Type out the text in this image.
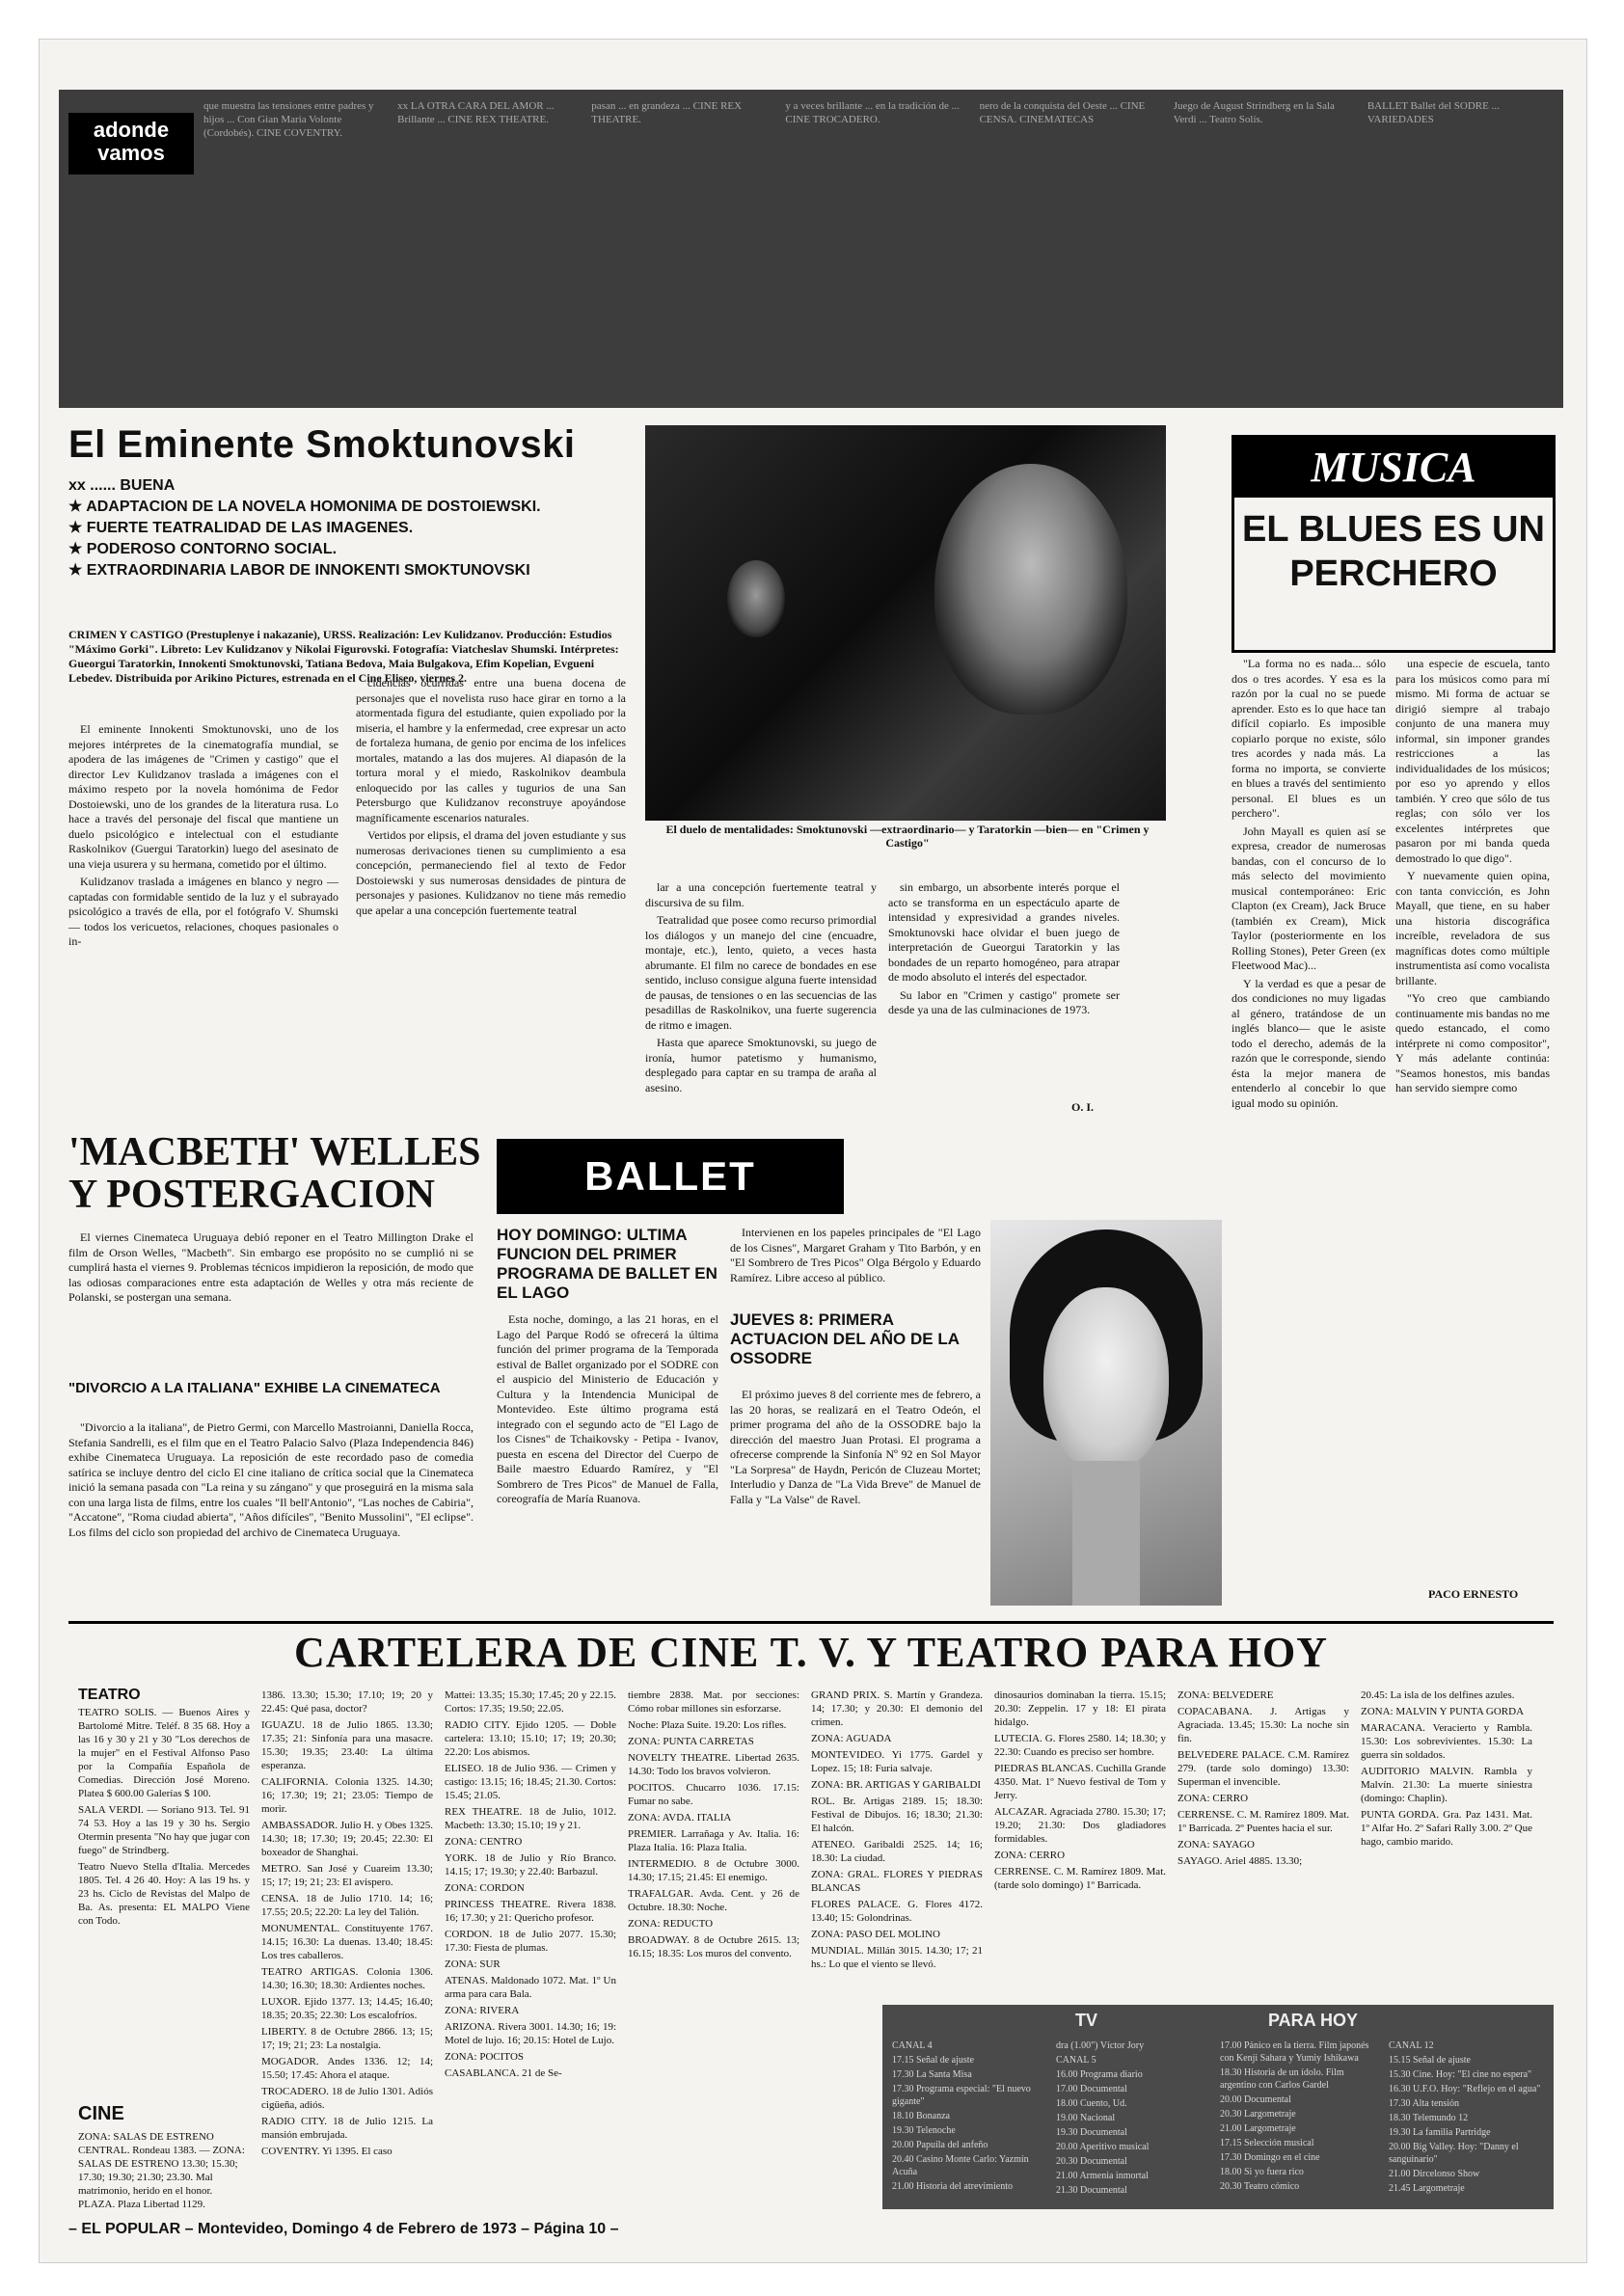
adonde vamos

que muestra las tensiones entre padres y hijos ... Con Gian Maria Volonte (Cordobés). CINE COVENTRY.

xx LA OTRA CARA DEL AMOR ... Brillante ... CINE REX THEATRE.

pasan ... en grandeza ... CINE REX THEATRE.

y a veces brillante ... en la tradición de ... CINE TROCADERO.

nero de la conquista del Oeste ... CINE CENSA. CINEMATECAS

Juego de August Strindberg en la Sala Verdi ... Teatro Solís.

BALLET Ballet del SODRE ... VARIEDADES

El Eminente Smoktunovski
xx ...... BUENA
★ ADAPTACION DE LA NOVELA HOMONIMA DE DOSTOIEWSKI.
★ FUERTE TEATRALIDAD DE LAS IMAGENES.
★ PODEROSO CONTORNO SOCIAL.
★ EXTRAORDINARIA LABOR DE INNOKENTI SMOKTUNOVSKI
CRIMEN Y CASTIGO (Prestuplenye i nakazanie), URSS. Realización: Lev Kulidzanov. Producción: Estudios "Máximo Gorki". Libreto: Lev Kulidzanov y Nikolai Figurovski. Fotografía: Viatcheslav Shumski. Intérpretes: Gueorgui Taratorkin, Innokenti Smoktunovski, Tatiana Bedova, Maia Bulgakova, Efim Kopelian, Evgueni Lebedev. Distribuida por Arikino Pictures, estrenada en el Cine Eliseo, viernes 2.

El eminente Innokenti Smoktunovski, uno de los mejores intérpretes de la cinematografía mundial, se apodera de las imágenes de "Crimen y castigo" que el director Lev Kulidzanov traslada a imágenes con el máximo respeto por la novela homónima de Fedor Dostoiewski, uno de los grandes de la literatura rusa. Lo hace a través del personaje del fiscal que mantiene un duelo psicológico e intelectual con el estudiante Raskolnikov (Guergui Taratorkin) luego del asesinato de una vieja usurera y su hermana, cometido por el último.

Kulidzanov traslada a imágenes en blanco y negro —captadas con formidable sentido de la luz y el subrayado psicológico a través de ella, por el fotógrafo V. Shumski— todos los vericuetos, relaciones, choques pasionales o in-

cidencias ocurridas entre una buena docena de personajes que el novelista ruso hace girar en torno a la atormentada figura del estudiante, quien expoliado por la miseria, el hambre y la enfermedad, cree expresar un acto de fortaleza humana, de genio por encima de los infelices mortales, matando a las dos mujeres. Al diapasón de la tortura moral y el miedo, Raskolnikov deambula enloquecido por las calles y tugurios de una San Petersburgo que Kulidzanov reconstruye apoyándose magníficamente escenarios naturales.

Vertidos por elipsis, el drama del joven estudiante y sus numerosas derivaciones tienen su cumplimiento a esa concepción, permaneciendo fiel al texto de Fedor Dostoiewski y sus numerosas densidades de pintura de personajes y pasiones. Kulidzanov no tiene más remedio que apelar a una concepción fuertemente teatral

El duelo de mentalidades: Smoktunovski —extraordinario— y Taratorkin —bien— en "Crimen y Castigo"

lar a una concepción fuertemente teatral y discursiva de su film.

Teatralidad que posee como recurso primordial los diálogos y un manejo del cine (encuadre, montaje, etc.), lento, quieto, a veces hasta abrumante. El film no carece de bondades en ese sentido, incluso consigue alguna fuerte intensidad de pausas, de tensiones o en las secuencias de las pesadillas de Raskolnikov, una fuerte sugerencia de ritmo e imagen.

Hasta que aparece Smoktunovski, su juego de ironía, humor patetismo y humanismo, desplegado para captar en su trampa de araña al asesino.

sin embargo, un absorbente interés porque el acto se transforma en un espectáculo aparte de intensidad y expresividad a grandes niveles. Smoktunovski hace olvidar el buen juego de interpretación de Gueorgui Taratorkin y las bondades de un reparto homogéneo, para atrapar de modo absoluto el interés del espectador.

Su labor en "Crimen y castigo" promete ser desde ya una de las culminaciones de 1973.

O. I.
MUSICA
EL BLUES ES UN PERCHERO

"La forma no es nada... sólo dos o tres acordes. Y esa es la razón por la cual no se puede aprender. Esto es lo que hace tan difícil copiarlo. Es imposible copiarlo porque no existe, sólo tres acordes y nada más. La forma no importa, se convierte en blues a través del sentimiento personal. El blues es un perchero".

John Mayall es quien así se expresa, creador de numerosas bandas, con el concurso de lo más selecto del movimiento musical contemporáneo: Eric Clapton (ex Cream), Jack Bruce (también ex Cream), Mick Taylor (posteriormente en los Rolling Stones), Peter Green (ex Fleetwood Mac)...

Y la verdad es que a pesar de dos condiciones no muy ligadas al género, tratándose de un inglés blanco— que le asiste todo el derecho, además de la razón que le corresponde, siendo ésta la mejor manera de entenderlo al concebir lo que igual modo su opinión.

una especie de escuela, tanto para los músicos como para mí mismo. Mi forma de actuar se dirigió siempre al trabajo conjunto de una manera muy informal, sin imponer grandes restricciones a las individualidades de los músicos; por eso yo aprendo y ellos también. Y creo que sólo de tus reglas; con sólo ver los excelentes intérpretes que pasaron por mi banda queda demostrado lo que digo".

Y nuevamente quien opina, con tanta convicción, es John Mayall, que tiene, en su haber una historia discográfica increíble, reveladora de sus magníficas dotes como múltiple instrumentista así como vocalista brillante.

"Yo creo que cambiando continuamente mis bandas no me quedo estancado, el como intérprete ni como compositor", Y más adelante continúa: "Seamos honestos, mis bandas han servido siempre como

PACO ERNESTO
'MACBETH' WELLES Y POSTERGACION

El viernes Cinemateca Uruguaya debió reponer en el Teatro Millington Drake el film de Orson Welles, "Macbeth". Sin embargo ese propósito no se cumplió ni se cumplirá hasta el viernes 9. Problemas técnicos impidieron la reposición, de modo que las odiosas comparaciones entre esta adaptación de Welles y otra más reciente de Polanski, se postergan una semana.

"DIVORCIO A LA ITALIANA" EXHIBE LA CINEMATECA

"Divorcio a la italiana", de Pietro Germi, con Marcello Mastroianni, Daniella Rocca, Stefania Sandrelli, es el film que en el Teatro Palacio Salvo (Plaza Independencia 846) exhibe Cinemateca Uruguaya. La reposición de este recordado paso de comedia satírica se incluye dentro del ciclo El cine italiano de crítica social que la Cinemateca inició la semana pasada con "La reina y su zángano" y que proseguirá en la misma sala con una larga lista de films, entre los cuales "Il bell'Antonio", "Las noches de Cabiria", "Accatone", "Roma ciudad abierta", "Años difíciles", "Benito Mussolini", "El eclipse". Los films del ciclo son propiedad del archivo de Cinemateca Uruguaya.

BALLET
HOY DOMINGO: ULTIMA FUNCION DEL PRIMER PROGRAMA DE BALLET EN EL LAGO

Esta noche, domingo, a las 21 horas, en el Lago del Parque Rodó se ofrecerá la última función del primer programa de la Temporada estival de Ballet organizado por el SODRE con el auspicio del Ministerio de Educación y Cultura y la Intendencia Municipal de Montevideo. Este último programa está integrado con el segundo acto de "El Lago de los Cisnes" de Tchaikovsky - Petipa - Ivanov, puesta en escena del Director del Cuerpo de Baile maestro Eduardo Ramírez, y "El Sombrero de Tres Picos" de Manuel de Falla, coreografía de María Ruanova.

Intervienen en los papeles principales de "El Lago de los Cisnes", Margaret Graham y Tito Barbón, y en "El Sombrero de Tres Picos" Olga Bérgolo y Eduardo Ramírez. Libre acceso al público.

JUEVES 8: PRIMERA ACTUACION DEL AÑO DE LA OSSODRE

El próximo jueves 8 del corriente mes de febrero, a las 20 horas, se realizará en el Teatro Odeón, el primer programa del año de la OSSODRE bajo la dirección del maestro Juan Protasi. El programa a ofrecerse comprende la Sinfonía Nº 92 en Sol Mayor "La Sorpresa" de Haydn, Pericón de Cluzeau Mortet; Interludio y Danza de "La Vida Breve" de Manuel de Falla y "La Valse" de Ravel.

CARTELERA DE CINE T. V. Y TEATRO PARA HOY
TEATRO

TEATRO SOLIS. — Buenos Aires y Bartolomé Mitre. Teléf. 8 35 68. Hoy a las 16 y 30 y 21 y 30 "Los derechos de la mujer" en el Festival Alfonso Paso por la Compañía Española de Comedias. Dirección José Moreno. Platea $ 600.00 Galerías $ 100.

SALA VERDI. — Soriano 913. Tel. 91 74 53. Hoy a las 19 y 30 hs. Sergio Otermin presenta "No hay que jugar con fuego" de Strindberg.

Teatro Nuevo Stella d'Italia. Mercedes 1805. Tel. 4 26 40. Hoy: A las 19 hs. y 23 hs. Ciclo de Revistas del Malpo de Ba. As. presenta: EL MALPO Viene con Todo.

CINE
ZONA: SALAS DE ESTRENO CENTRAL. Rondeau 1383. — ZONA: SALAS DE ESTRENO 13.30; 15.30; 17.30; 19.30; 21.30; 23.30. Mal matrimonio, herido en el honor. PLAZA. Plaza Libertad 1129.

1386. 13.30; 15.30; 17.10; 19; 20 y 22.45: Qué pasa, doctor?

IGUAZU. 18 de Julio 1865. 13.30; 17.35; 21: Sinfonía para una masacre. 15.30; 19.35; 23.40: La última esperanza.

CALIFORNIA. Colonia 1325. 14.30; 16; 17.30; 19; 21; 23.05: Tiempo de morir.

AMBASSADOR. Julio H. y Obes 1325. 14.30; 18; 17.30; 19; 20.45; 22.30: El boxeador de Shanghai.

METRO. San José y Cuareim 13.30; 15; 17; 19; 21; 23: El avispero.

CENSA. 18 de Julio 1710. 14; 16; 17.55; 20.5; 22.20: La ley del Talión.

MONUMENTAL. Constituyente 1767. 14.15; 16.30: La duenas. 13.40; 18.45: Los tres caballeros.

TEATRO ARTIGAS. Colonia 1306. 14.30; 16.30; 18.30: Ardientes noches.

LUXOR. Ejido 1377. 13; 14.45; 16.40; 18.35; 20.35; 22.30: Los escalofríos.

LIBERTY. 8 de Octubre 2866. 13; 15; 17; 19; 21; 23: La nostalgia.

MOGADOR. Andes 1336. 12; 14; 15.50; 17.45: Ahora el ataque.

TROCADERO. 18 de Julio 1301. Adiós cigüeña, adiós.

RADIO CITY. 18 de Julio 1215. La mansión embrujada.

COVENTRY. Yi 1395. El caso

Mattei: 13.35; 15.30; 17.45; 20 y 22.15. Cortos: 17.35; 19.50; 22.05.

RADIO CITY. Ejido 1205. — Doble cartelera: 13.10; 15.10; 17; 19; 20.30; 22.20: Los abismos.

ELISEO. 18 de Julio 936. — Crimen y castigo: 13.15; 16; 18.45; 21.30. Cortos: 15.45; 21.05.

REX THEATRE. 18 de Julio, 1012. Macbeth: 13.30; 15.10; 19 y 21.

ZONA: CENTRO

YORK. 18 de Julio y Río Branco. 14.15; 17; 19.30; y 22.40: Barbazul.

ZONA: CORDON

PRINCESS THEATRE. Rivera 1838. 16; 17.30; y 21: Quericho profesor.

CORDON. 18 de Julio 2077. 15.30; 17.30: Fiesta de plumas.

ZONA: SUR

ATENAS. Maldonado 1072. Mat. 1º Un arma para cara Bala.

ZONA: RIVERA

ARIZONA. Rivera 3001. 14.30; 16; 19: Motel de lujo. 16; 20.15: Hotel de Lujo.

ZONA: POCITOS

CASABLANCA. 21 de Se-

tiembre 2838. Mat. por secciones: Cómo robar millones sin esforzarse.

Noche: Plaza Suite. 19.20: Los rifles.

ZONA: PUNTA CARRETAS

NOVELTY THEATRE. Libertad 2635. 14.30: Todo los bravos volvieron.

POCITOS. Chucarro 1036. 17.15: Fumar no sabe.

ZONA: AVDA. ITALIA

PREMIER. Larrañaga y Av. Italia. 16: Plaza Italia. 16: Plaza Italia.

INTERMEDIO. 8 de Octubre 3000. 14.30; 17.15; 21.45: El enemigo.

TRAFALGAR. Avda. Cent. y 26 de Octubre. 18.30: Noche.

ZONA: REDUCTO

BROADWAY. 8 de Octubre 2615. 13; 16.15; 18.35: Los muros del convento.

GRAND PRIX. S. Martín y Grandeza. 14; 17.30; y 20.30: El demonio del crimen.

ZONA: AGUADA

MONTEVIDEO. Yi 1775. Gardel y Lopez. 15; 18: Furia salvaje.

ZONA: BR. ARTIGAS Y GARIBALDI

ROL. Br. Artigas 2189. 15; 18.30: Festival de Dibujos. 16; 18.30; 21.30: El halcón.

ATENEO. Garibaldi 2525. 14; 16; 18.30: La ciudad.

ZONA: GRAL. FLORES Y PIEDRAS BLANCAS

FLORES PALACE. G. Flores 4172. 13.40; 15: Golondrinas.

ZONA: PASO DEL MOLINO

MUNDIAL. Millán 3015. 14.30; 17; 21 hs.: Lo que el viento se llevó.

dinosaurios dominaban la tierra. 15.15; 20.30: Zeppelin. 17 y 18: El pirata hidalgo.

LUTECIA. G. Flores 2580. 14; 18.30; y 22.30: Cuando es preciso ser hombre.

PIEDRAS BLANCAS. Cuchilla Grande 4350. Mat. 1º Nuevo festival de Tom y Jerry.

ALCAZAR. Agraciada 2780. 15.30; 17; 19.20; 21.30: Dos gladiadores formidables.

ZONA: CERRO

CERRENSE. C. M. Ramírez 1809. Mat. (tarde solo domingo) 1º Barricada.

ZONA: BELVEDERE

COPACABANA. J. Artigas y Agraciada. 13.45; 15.30: La noche sin fin.

BELVEDERE PALACE. C.M. Ramírez 279. (tarde solo domingo) 13.30: Superman el invencible.

ZONA: CERRO

CERRENSE. C. M. Ramírez 1809. Mat. 1º Barricada. 2º Puentes hacia el sur.

ZONA: SAYAGO

SAYAGO. Ariel 4885. 13.30;

20.45: La isla de los delfines azules.

ZONA: MALVIN Y PUNTA GORDA

MARACANA. Veracierto y Rambla. 15.30: Los sobrevivientes. 15.30: La guerra sin soldados.

AUDITORIO MALVIN. Rambla y Malvín. 21.30: La muerte siniestra (domingo: Chaplin).

PUNTA GORDA. Gra. Paz 1431. Mat. 1º Alfar Ho. 2º Safari Rally 3.00. 2º Que hago, cambio marido.

TV	PARA HOY

CANAL 4

17.15 Señal de ajuste

17.30 La Santa Misa

17.30 Programa especial: "El nuevo gigante"

18.10 Bonanza

19.30 Telenoche

20.00 Papuila del anfeño

20.40 Casino Monte Carlo: Yazmín Acuña

21.00 Historia del atrevimiento

dra (1.00") Víctor Jory

CANAL 5

16.00 Programa diario

17.00 Documental

18.00 Cuento, Ud.

19.00 Nacional

19.30 Documental

20.00 Aperitivo musical

20.30 Documental

21.00 Armenia inmortal

21.30 Documental

17.00 Pánico en la tierra. Film japonés con Kenji Sahara y Yumiy Ishikawa

18.30 Historia de un ídolo. Film argentino con Carlos Gardel

20.00 Documental

20.30 Largometraje

21.00 Largometraje

17.15 Selección musical

17.30 Domingo en el cine

18.00 Si yo fuera rico

20.30 Teatro cómico

CANAL 12

15.15 Señal de ajuste

15.30 Cine. Hoy: "El cine no espera"

16.30 U.F.O. Hoy: "Reflejo en el agua"

17.30 Alta tensión

18.30 Telemundo 12

19.30 La familia Partridge

20.00 Big Valley. Hoy: "Danny el sanguinario"

21.00 Dircelonso Show

21.45 Largometraje

– EL POPULAR – Montevideo, Domingo 4 de Febrero de 1973 – Página 10 –
